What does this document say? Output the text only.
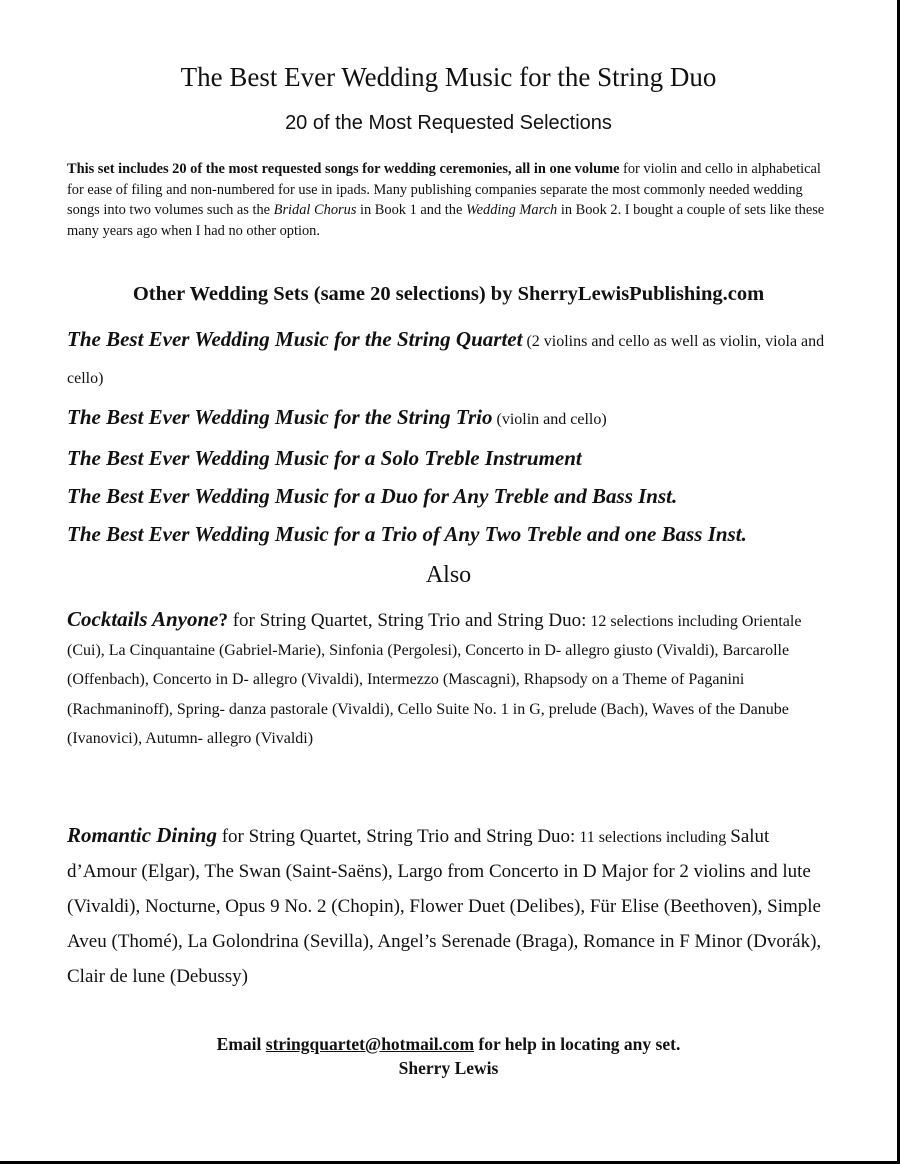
The Best Ever Wedding Music for the String Duo
20 of the Most Requested Selections

This set includes 20 of the most requested songs for wedding ceremonies, all in one volume for violin and cello in alphabetical for ease of filing and non-numbered for use in ipads. Many publishing companies separate the most commonly needed wedding songs into two volumes such as the Bridal Chorus in Book 1 and the Wedding March in Book 2. I bought a couple of sets like these many years ago when I had no other option.

Other Wedding Sets (same 20 selections) by SherryLewisPublishing.com
The Best Ever Wedding Music for the String Quartet (2 violins and cello as well as violin, viola and cello)
The Best Ever Wedding Music for the String Trio (violin and cello)
The Best Ever Wedding Music for a Solo Treble Instrument
The Best Ever Wedding Music for a Duo for Any Treble and Bass Inst.
The Best Ever Wedding Music for a Trio of Any Two Treble and one Bass Inst.
Also

Cocktails Anyone? for String Quartet, String Trio and String Duo: 12 selections including Orientale (Cui), La Cinquantaine (Gabriel-Marie), Sinfonia (Pergolesi), Concerto in D- allegro giusto (Vivaldi), Barcarolle (Offenbach), Concerto in D- allegro (Vivaldi), Intermezzo (Mascagni), Rhapsody on a Theme of Paganini (Rachmaninoff), Spring- danza pastorale (Vivaldi), Cello Suite No. 1 in G, prelude (Bach), Waves of the Danube (Ivanovici), Autumn- allegro (Vivaldi)

Romantic Dining for String Quartet, String Trio and String Duo: 11 selections including Salut d’Amour (Elgar), The Swan (Saint-Saëns), Largo from Concerto in D Major for 2 violins and lute (Vivaldi), Nocturne, Opus 9 No. 2 (Chopin), Flower Duet (Delibes), Für Elise (Beethoven), Simple Aveu (Thomé), La Golondrina (Sevilla), Angel’s Serenade (Braga), Romance in F Minor (Dvorák), Clair de lune (Debussy)

Email stringquartet@hotmail.com for help in locating any set.
Sherry Lewis
